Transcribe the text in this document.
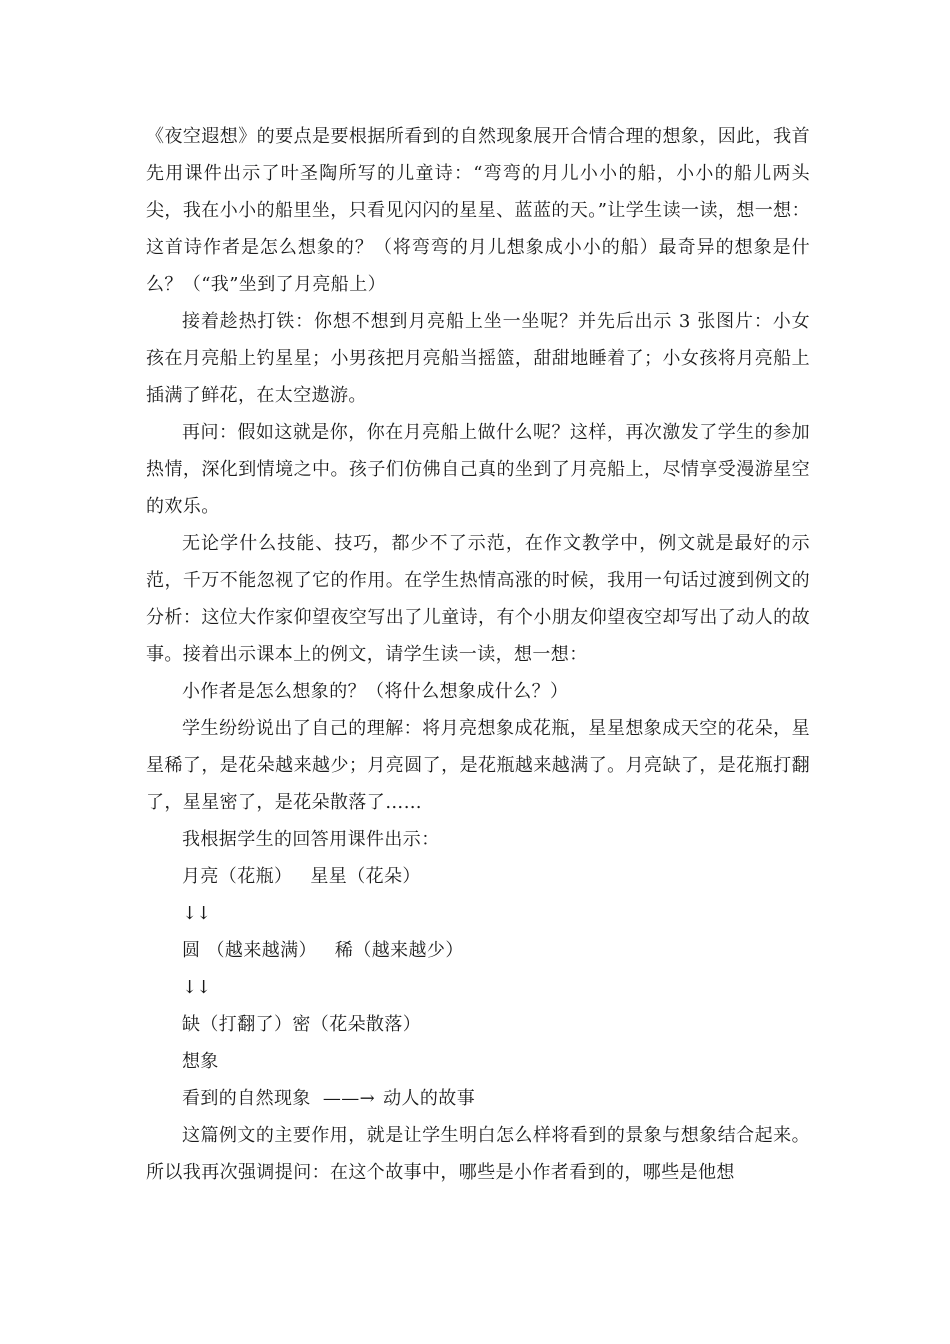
《夜空遐想》的要点是要根据所看到的自然现象展开合情合理的想象，因此，我首先用课件出示了叶圣陶所写的儿童诗：“弯弯的月儿小小的船，小小的船儿两头尖，我在小小的船里坐，只看见闪闪的星星、蓝蓝的天。”让学生读一读，想一想：这首诗作者是怎么想象的？（将弯弯的月儿想象成小小的船）最奇异的想象是什么？（“我”坐到了月亮船上）

接着趁热打铁：你想不想到月亮船上坐一坐呢？并先后出示 3 张图片：小女孩在月亮船上钓星星；小男孩把月亮船当摇篮，甜甜地睡着了；小女孩将月亮船上插满了鲜花，在太空遨游。

再问：假如这就是你，你在月亮船上做什么呢？这样，再次激发了学生的参加热情，深化到情境之中。孩子们仿佛自己真的坐到了月亮船上，尽情享受漫游星空的欢乐。

无论学什么技能、技巧，都少不了示范，在作文教学中，例文就是最好的示范，千万不能忽视了它的作用。在学生热情高涨的时候，我用一句话过渡到例文的分析：这位大作家仰望夜空写出了儿童诗，有个小朋友仰望夜空却写出了动人的故事。接着出示课本上的例文，请学生读一读，想一想：

小作者是怎么想象的？（将什么想象成什么？）

学生纷纷说出了自己的理解：将月亮想象成花瓶，星星想象成天空的花朵，星星稀了，是花朵越来越少；月亮圆了，是花瓶越来越满了。月亮缺了，是花瓶打翻了，星星密了，是花朵散落了……

我根据学生的回答用课件出示：

月亮（花瓶） 星星（花朵）

↓↓

圆 （越来越满） 稀（越来越少）

↓↓

缺（打翻了）密（花朵散落）

想象

看到的自然现象 ——→ 动人的故事

这篇例文的主要作用，就是让学生明白怎么样将看到的景象与想象结合起来。所以我再次强调提问：在这个故事中，哪些是小作者看到的，哪些是他想
